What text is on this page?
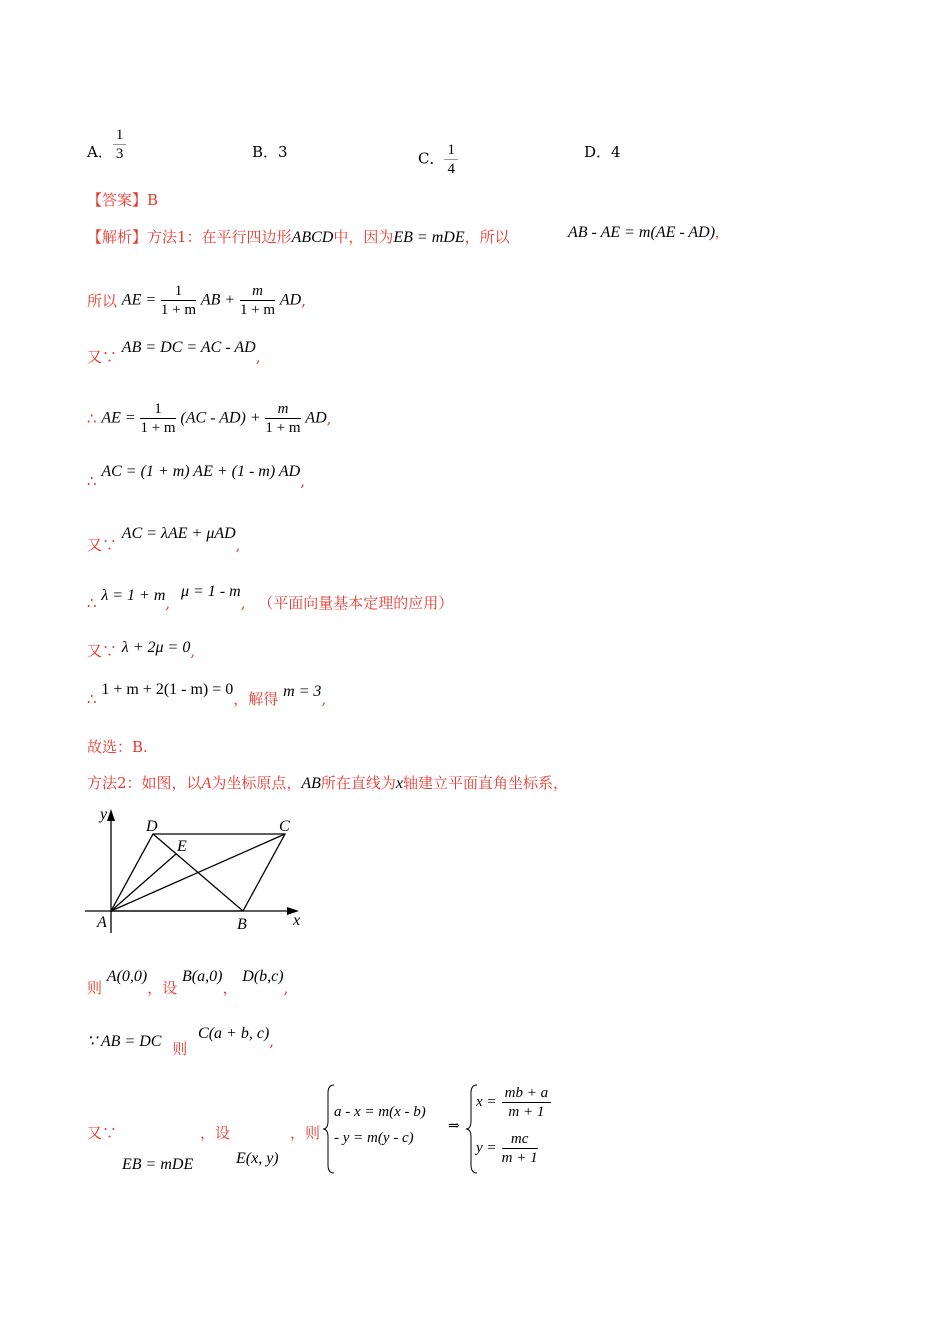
A． $\frac{1}{3}$	B．3	C． $\frac{1}{4}$	D．4
【答案】B
【解析】方法1：在平行四边形ABCD中，因为EB = mDE，所以	AB - AE = m(AE - AD),
所以 AE = $\frac{1}{1 + m}$ AB + $\frac{m}{1 + m}$ AD,
又∵ AB = DC = AC - AD,
∴ AE = $\frac{1}{1 + m} (AC - AD) + \frac{m}{1 + m}$ AD,
∴ AC = (1 + m) AE + (1 - m) AD,
又∵ AC = λAE + μAD,
∴ λ = 1 + m, μ = 1 - m, （平面向量基本定理的应用）
又∵ λ + 2μ = 0,
∴ 1 + m + 2(1 - m) = 0，解得 m = 3,
故选：B.
方法2：如图，以A为坐标原点，AB所在直线为x轴建立平面直角坐标系，
y
x
A	B
C
D
E
则 A(0,0)，设 B(a,0)， D(b,c),
∵ AB = DC 则 C(a + b, c),
又∵	，设	，则
EB = mDE	E(x, y)
a - x = m(x - b)
- y = m(y - c)
⇒
$x = \frac{mb + a}{m + 1}$
$y = \frac{mc}{m + 1}$
